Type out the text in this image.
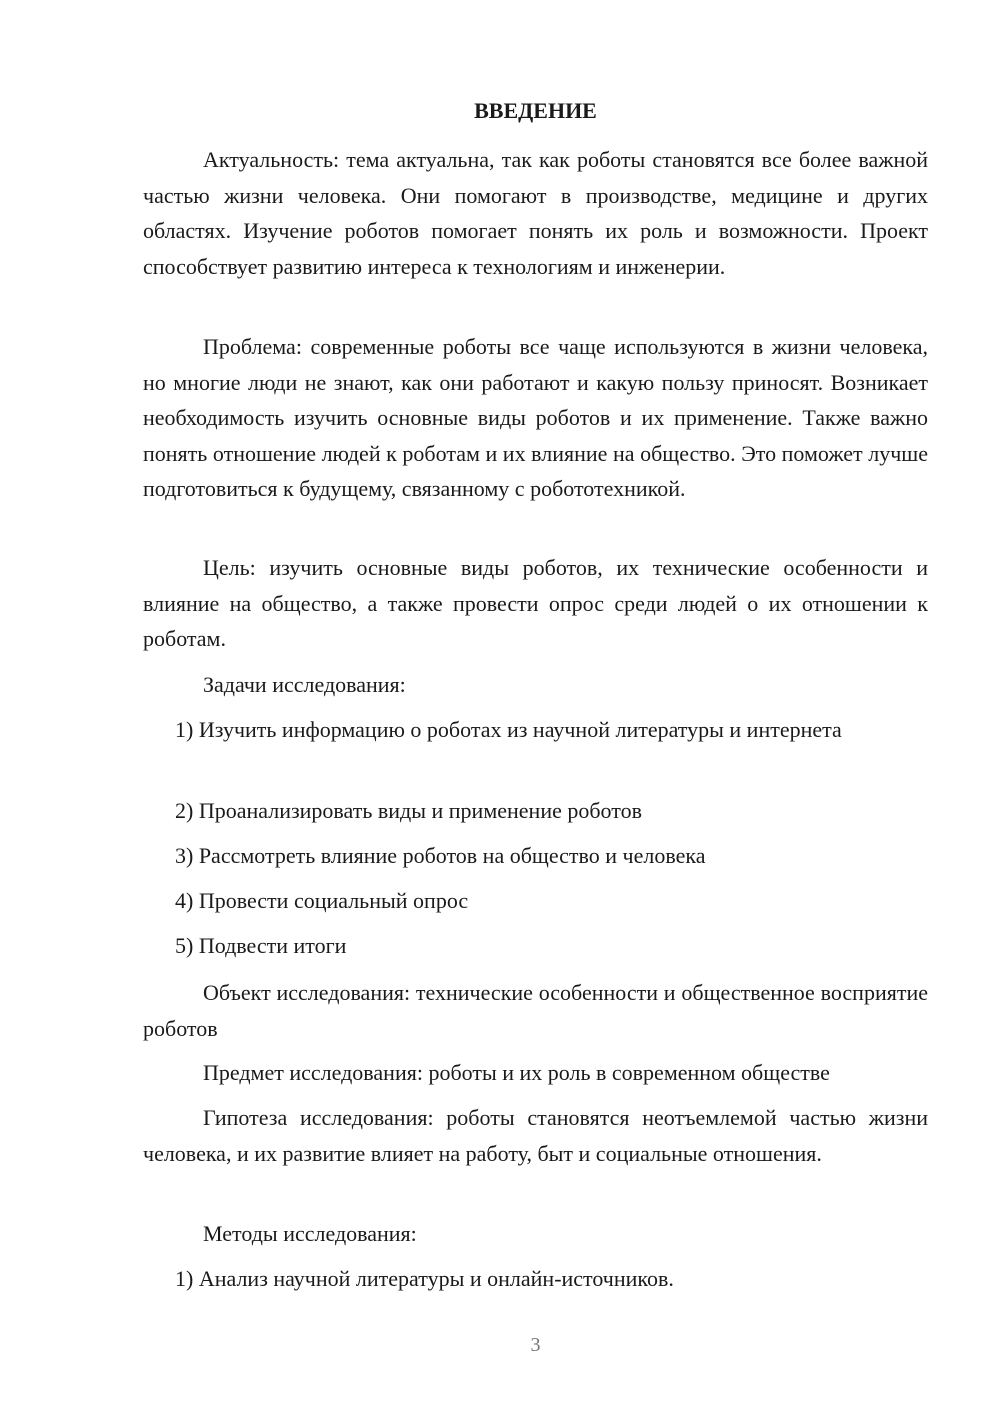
ВВЕДЕНИЕ

Актуальность: тема актуальна, так как роботы становятся все более важной частью жизни человека. Они помогают в производстве, медицине и других областях. Изучение роботов помогает понять их роль и возможности. Проект способствует развитию интереса к технологиям и инженерии.

Проблема: современные роботы все чаще используются в жизни человека, но многие люди не знают, как они работают и какую пользу приносят. Возникает необходимость изучить основные виды роботов и их применение. Также важно понять отношение людей к роботам и их влияние на общество. Это поможет лучше подготовиться к будущему, связанному с робототехникой.

Цель: изучить основные виды роботов, их технические особенности и влияние на общество, а также провести опрос среди людей о их отношении к роботам.

Задачи исследования:

1) Изучить информацию о роботах из научной литературы и интернета

2) Проанализировать виды и применение роботов

3) Рассмотреть влияние роботов на общество и человека

4) Провести социальный опрос

5) Подвести итоги

Объект исследования: технические особенности и общественное восприятие роботов

Предмет исследования: роботы и их роль в современном обществе

Гипотеза исследования: роботы становятся неотъемлемой частью жизни человека, и их развитие влияет на работу, быт и социальные отношения.

Методы исследования:

1) Анализ научной литературы и онлайн-источников.

3
